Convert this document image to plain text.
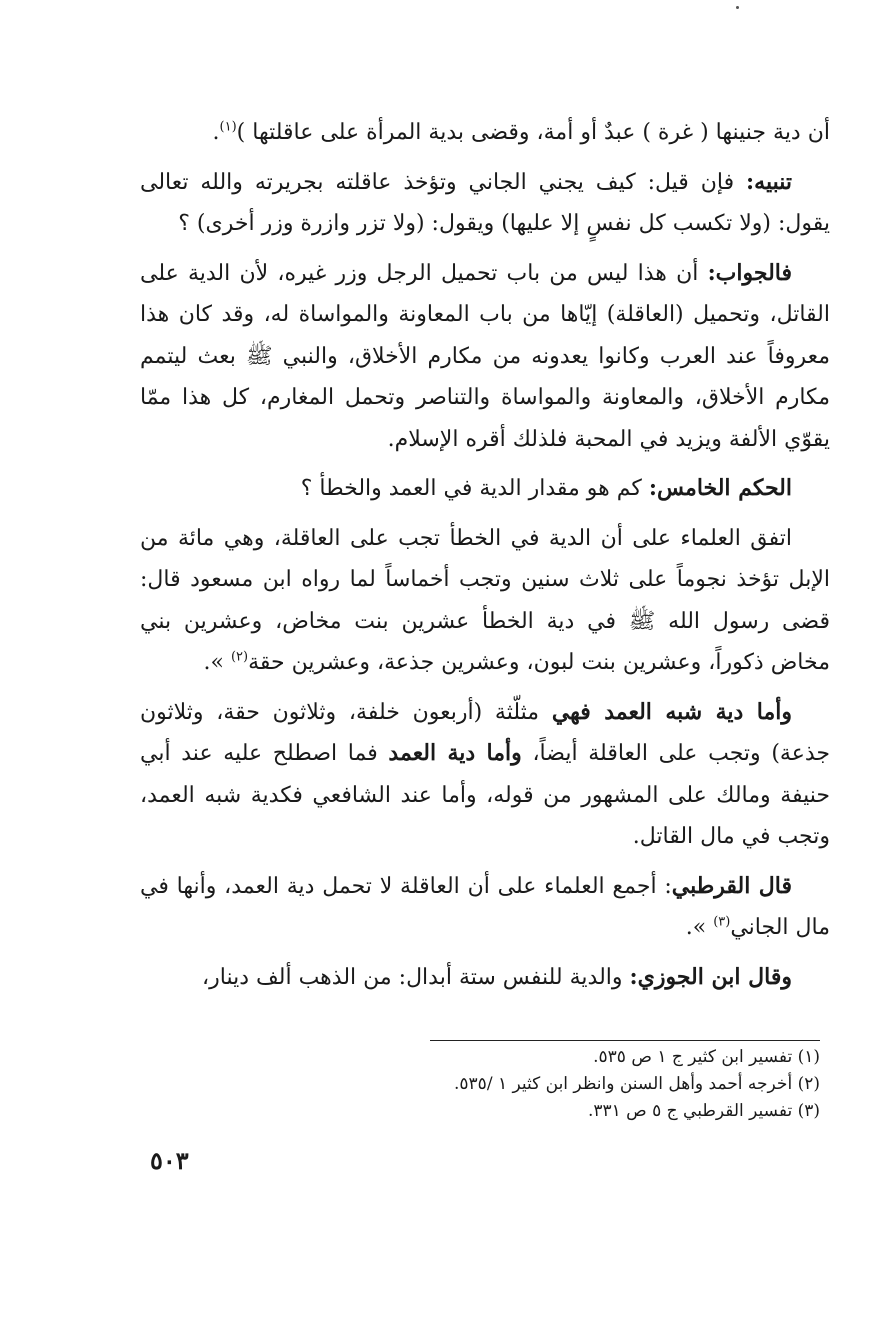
أن دية جنينها ( غرة ) عبدٌ أو أمة، وقضى بدية المرأة على عاقلتها )$^{(١)}$.

تنبيه: فإن قيل: كيف يجني الجاني وتؤخذ عاقلته بجريرته والله تعالى يقول: (ولا تكسب كل نفسٍ إلا عليها) ويقول: (ولا تزر وازرة وزر أخرى) ؟

فالجواب: أن هذا ليس من باب تحميل الرجل وزر غيره، لأن الدية على القاتل، وتحميل (العاقلة) إيّاها من باب المعاونة والمواساة له، وقد كان هذا معروفاً عند العرب وكانوا يعدونه من مكارم الأخلاق، والنبي ﷺ بعث ليتمم مكارم الأخلاق، والمعاونة والمواساة والتناصر وتحمل المغارم، كل هذا ممّا يقوّي الألفة ويزيد في المحبة فلذلك أقره الإسلام.

الحكم الخامس: كم هو مقدار الدية في العمد والخطأ ؟

اتفق العلماء على أن الدية في الخطأ تجب على العاقلة، وهي مائة من الإبل تؤخذ نجوماً على ثلاث سنين وتجب أخماساً لما رواه ابن مسعود قال: قضى رسول الله ﷺ في دية الخطأ عشرين بنت مخاض، وعشرين بني مخاض ذكوراً، وعشرين بنت لبون، وعشرين جذعة، وعشرين حقة$^{(٢)}$ ».

وأما دية شبه العمد فهي مثلّثة (أربعون خلفة، وثلاثون حقة، وثلاثون جذعة) وتجب على العاقلة أيضاً، وأما دية العمد فما اصطلح عليه عند أبي حنيفة ومالك على المشهور من قوله، وأما عند الشافعي فكدية شبه العمد، وتجب في مال القاتل.

قال القرطبي: أجمع العلماء على أن العاقلة لا تحمل دية العمد، وأنها في مال الجاني$^{(٣)}$ ».

وقال ابن الجوزي: والدية للنفس ستة أبدال: من الذهب ألف دينار،

(١) تفسير ابن كثير ج ١ ص ٥٣٥.

(٢) أخرجه أحمد وأهل السنن وانظر ابن كثير ١ /٥٣٥.

(٣) تفسير القرطبي ج ٥ ص ٣٣١.

٥٠٣
